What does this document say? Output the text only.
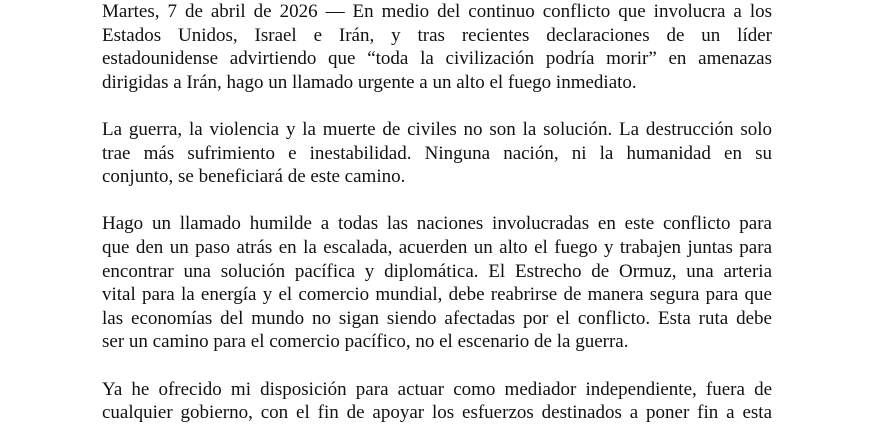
Martes, 7 de abril de 2026 — En medio del continuo conflicto que involucra a los
Estados Unidos, Israel e Irán, y tras recientes declaraciones de un líder
estadounidense advirtiendo que “toda la civilización podría morir” en amenazas
dirigidas a Irán, hago un llamado urgente a un alto el fuego inmediato.
La guerra, la violencia y la muerte de civiles no son la solución. La destrucción solo
trae más sufrimiento e inestabilidad. Ninguna nación, ni la humanidad en su
conjunto, se beneficiará de este camino.
Hago un llamado humilde a todas las naciones involucradas en este conflicto para
que den un paso atrás en la escalada, acuerden un alto el fuego y trabajen juntas para
encontrar una solución pacífica y diplomática. El Estrecho de Ormuz, una arteria
vital para la energía y el comercio mundial, debe reabrirse de manera segura para que
las economías del mundo no sigan siendo afectadas por el conflicto. Esta ruta debe
ser un camino para el comercio pacífico, no el escenario de la guerra.
Ya he ofrecido mi disposición para actuar como mediador independiente, fuera de
cualquier gobierno, con el fin de apoyar los esfuerzos destinados a poner fin a esta
